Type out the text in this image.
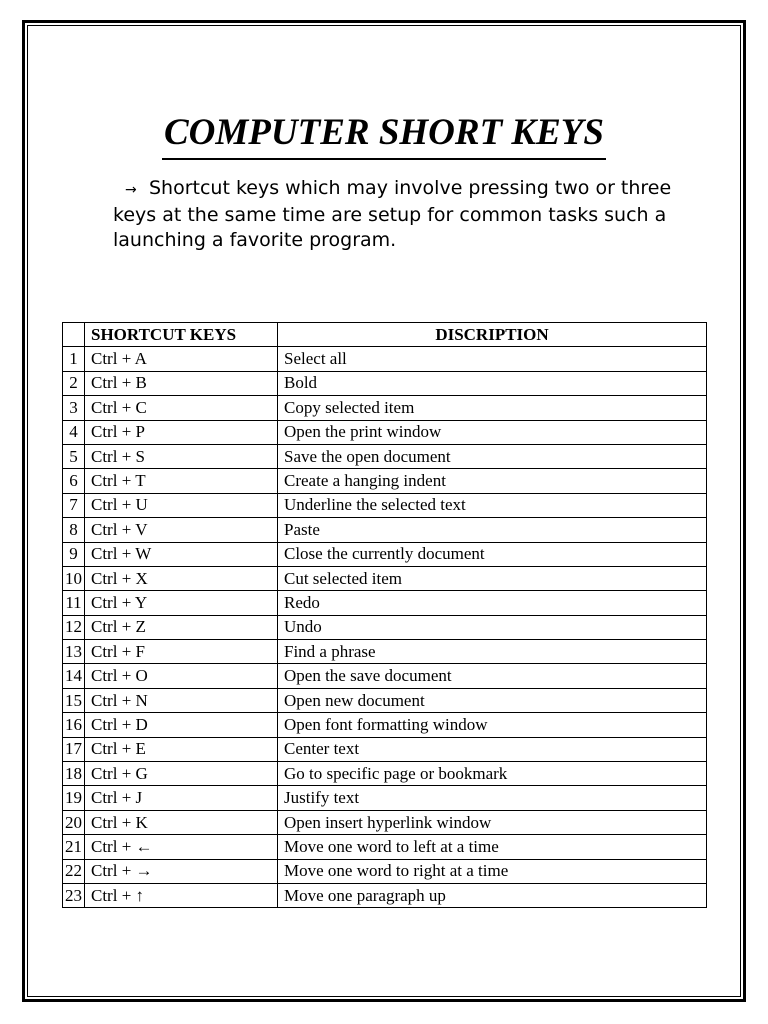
COMPUTER SHORT KEYS
→ Shortcut keys which may involve pressing two or three keys at the same time are setup for common tasks such a launching a favorite program.
	SHORTCUT KEYS	DISCRIPTION
1	Ctrl + A	Select all
2	Ctrl + B	Bold
3	Ctrl + C	Copy selected item
4	Ctrl + P	Open the print window
5	Ctrl + S	Save the open document
6	Ctrl + T	Create a hanging indent
7	Ctrl + U	Underline the selected text
8	Ctrl + V	Paste
9	Ctrl + W	Close the currently document
10	Ctrl + X	Cut selected item
11	Ctrl + Y	Redo
12	Ctrl + Z	Undo
13	Ctrl + F	Find a phrase
14	Ctrl + O	Open the save document
15	Ctrl + N	Open new document
16	Ctrl + D	Open font formatting window
17	Ctrl + E	Center text
18	Ctrl + G	Go to specific page or bookmark
19	Ctrl + J	Justify text
20	Ctrl + K	Open insert hyperlink window
21	Ctrl + ←	Move one word to left at a time
22	Ctrl + →	Move one word to right at a time
23	Ctrl + ↑	Move one paragraph up
